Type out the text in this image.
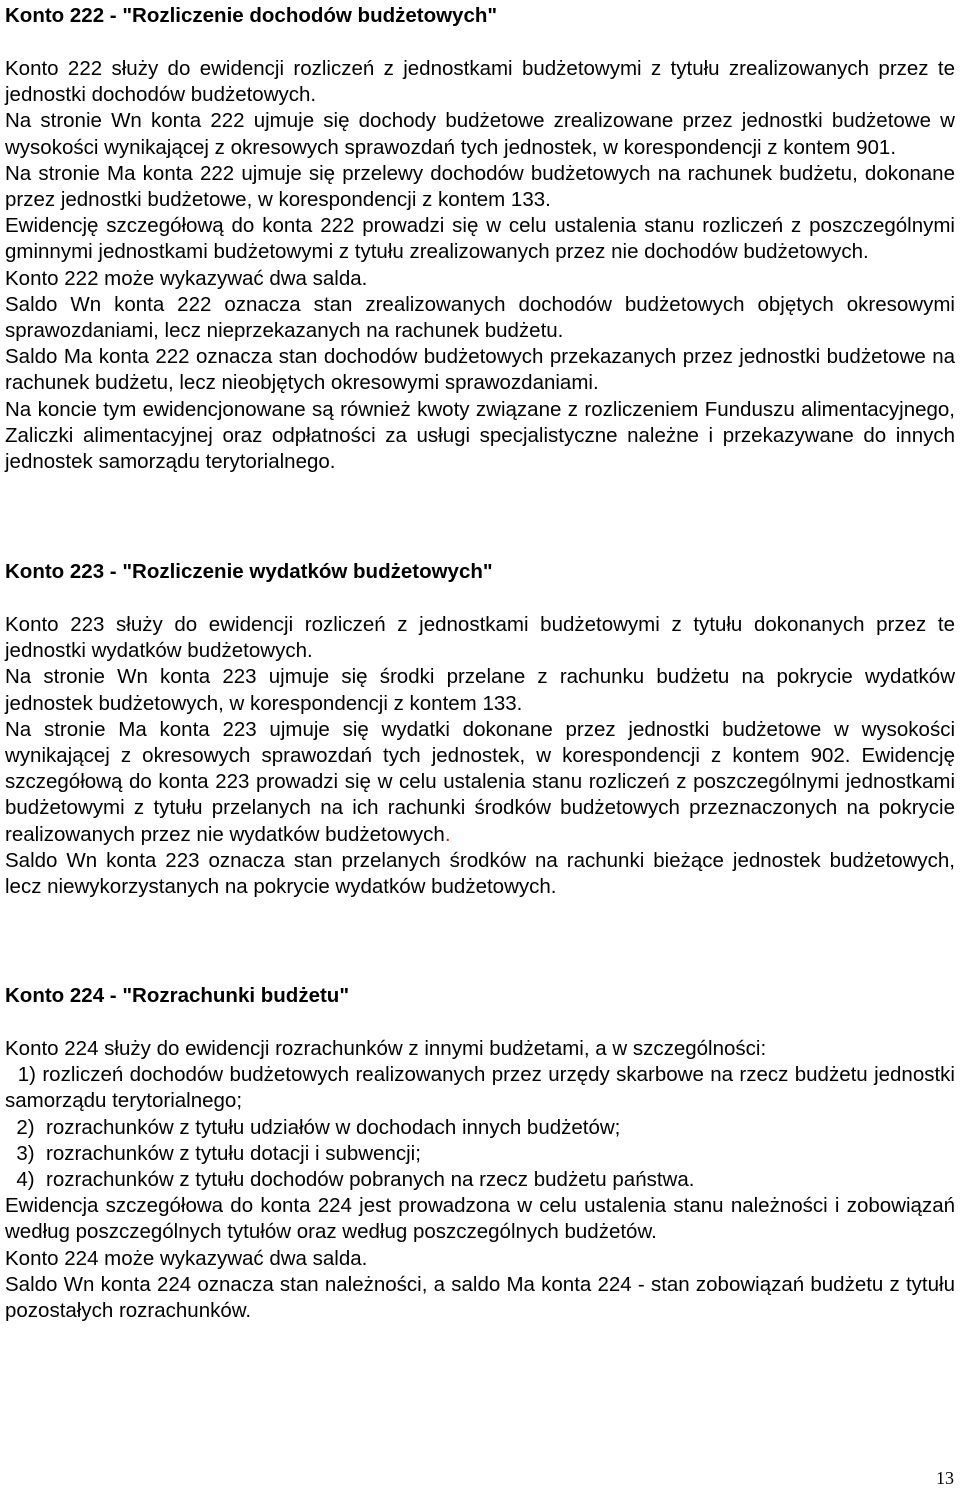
Konto 222 - "Rozliczenie dochodów budżetowych"

Konto 222 służy do ewidencji rozliczeń z jednostkami budżetowymi z tytułu zrealizowanych przez te jednostki dochodów budżetowych.

Na stronie Wn konta 222 ujmuje się dochody budżetowe zrealizowane przez jednostki budżetowe w wysokości wynikającej z okresowych sprawozdań tych jednostek, w korespondencji z kontem 901.

Na stronie Ma konta 222 ujmuje się przelewy dochodów budżetowych na rachunek budżetu, dokonane przez jednostki budżetowe, w korespondencji z kontem 133.

Ewidencję szczegółową do konta 222 prowadzi się w celu ustalenia stanu rozliczeń z poszczególnymi gminnymi jednostkami budżetowymi z tytułu zrealizowanych przez nie dochodów budżetowych.

Konto 222 może wykazywać dwa salda.

Saldo Wn konta 222 oznacza stan zrealizowanych dochodów budżetowych objętych okresowymi sprawozdaniami, lecz nieprzekazanych na rachunek budżetu.

Saldo Ma konta 222 oznacza stan dochodów budżetowych przekazanych przez jednostki budżetowe na rachunek budżetu, lecz nieobjętych okresowymi sprawozdaniami.

Na koncie tym ewidencjonowane są również kwoty związane z rozliczeniem Funduszu alimentacyjnego, Zaliczki alimentacyjnej oraz odpłatności za usługi specjalistyczne należne i przekazywane do innych jednostek samorządu terytorialnego.

Konto 223 - "Rozliczenie wydatków budżetowych"

Konto 223 służy do ewidencji rozliczeń z jednostkami budżetowymi z tytułu dokonanych przez te jednostki wydatków budżetowych.

Na stronie Wn konta 223 ujmuje się środki przelane z rachunku budżetu na pokrycie wydatków jednostek budżetowych, w korespondencji z kontem 133.

Na stronie Ma konta 223 ujmuje się wydatki dokonane przez jednostki budżetowe w wysokości wynikającej z okresowych sprawozdań tych jednostek, w korespondencji z kontem 902. Ewidencję szczegółową do konta 223 prowadzi się w celu ustalenia stanu rozliczeń z poszczególnymi jednostkami budżetowymi z tytułu przelanych na ich rachunki środków budżetowych przeznaczonych na pokrycie realizowanych przez nie wydatków budżetowych.

Saldo Wn konta 223 oznacza stan przelanych środków na rachunki bieżące jednostek budżetowych, lecz niewykorzystanych na pokrycie wydatków budżetowych.

Konto 224 - "Rozrachunki budżetu"

Konto 224 służy do ewidencji rozrachunków z innymi budżetami, a w szczególności:

1) rozliczeń dochodów budżetowych realizowanych przez urzędy skarbowe na rzecz budżetu jednostki samorządu terytorialnego;

2) rozrachunków z tytułu udziałów w dochodach innych budżetów;

3) rozrachunków z tytułu dotacji i subwencji;

4) rozrachunków z tytułu dochodów pobranych na rzecz budżetu państwa.

Ewidencja szczegółowa do konta 224 jest prowadzona w celu ustalenia stanu należności i zobowiązań według poszczególnych tytułów oraz według poszczególnych budżetów.

Konto 224 może wykazywać dwa salda.

Saldo Wn konta 224 oznacza stan należności, a saldo Ma konta 224 - stan zobowiązań budżetu z tytułu pozostałych rozrachunków.

13
